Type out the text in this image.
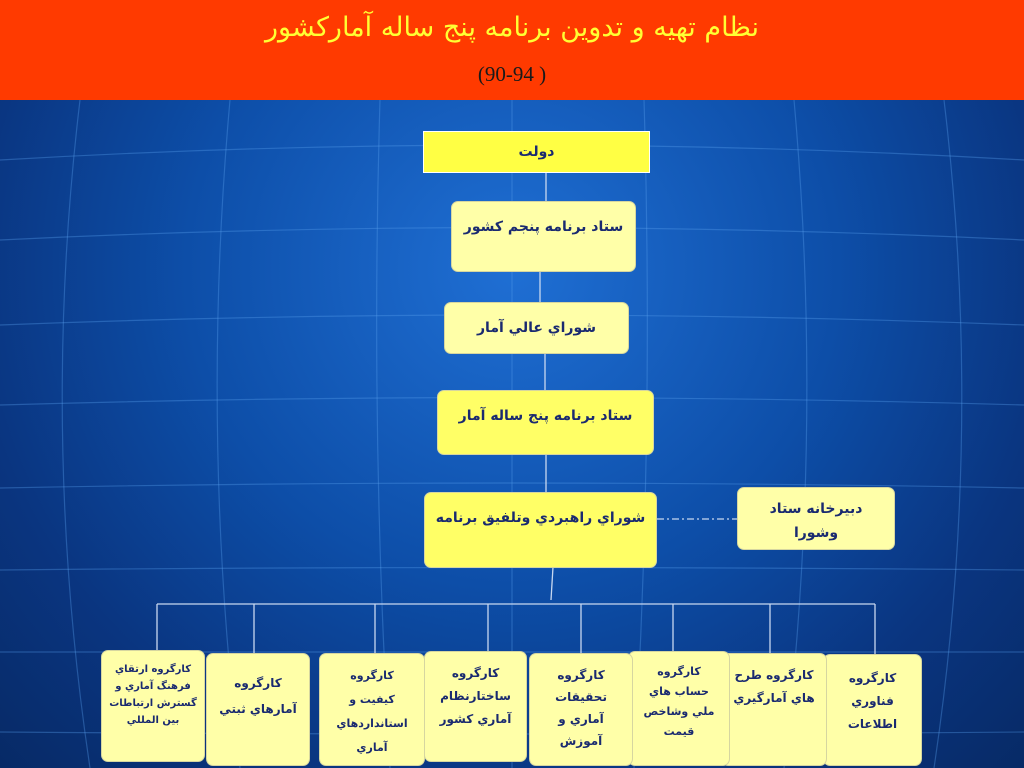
نظام تهيه و تدوين برنامه پنج ساله آماركشور
(90-94 )
دولت
ستاد برنامه پنجم كشور
شوراي عالي آمار
ستاد برنامه پنج ساله آمار
شوراي راهبردي وتلفيق برنامه
دبيرخانه ستاد
وشورا
كارگروه
فناوري
اطلاعات
كارگروه طرح
هاي آمارگيري
كارگروه
حساب هاي
ملي وشاخص
قيمت
كارگروه
تحقيقات
آماري و
آموزش
كارگروه
ساختارنظام
آماري كشور
كارگروه
كيفيت و
استانداردهاي
آماري
كارگروه
آمارهاي ثبتي
كارگروه ارتقاي
فرهنگ آماري و
گسترش ارتباطات
بين المللي
